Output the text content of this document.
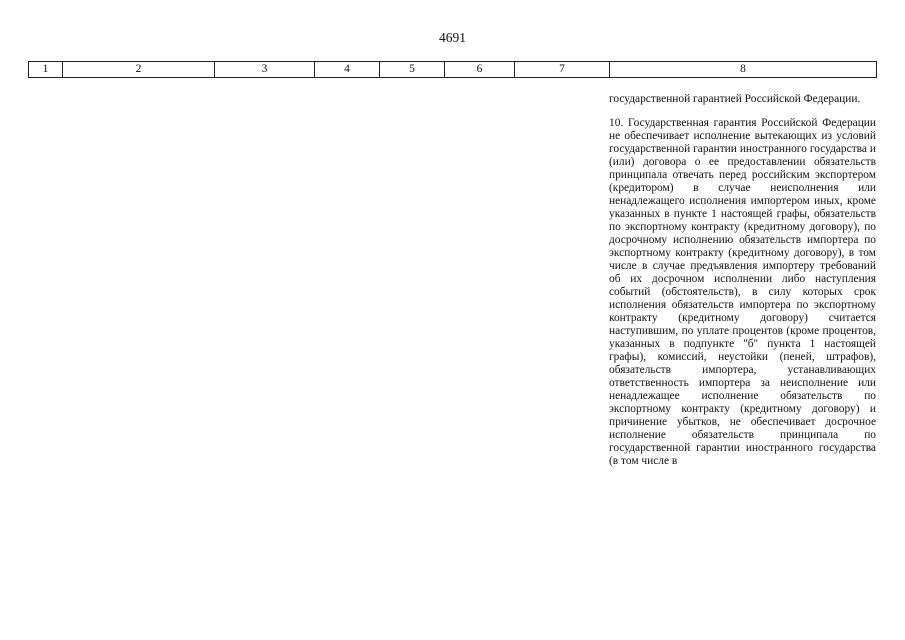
4691
1	2	3	4	5	6	7	8

государственной гарантией Российской Федерации.

10. Государственная гарантия Российской Федерации не обеспечивает исполнение вытекающих из условий государственной гарантии иностранного государства и (или) договора о ее предоставлении обязательств принципала отвечать перед российским экспортером (кредитором) в случае неисполнения или ненадлежащего исполнения импортером иных, кроме указанных в пункте 1 настоящей графы, обязательств по экспортному контракту (кредитному договору), по досрочному исполнению обязательств импортера по экспортному контракту (кредитному договору), в том числе в случае предъявления импортеру требований об их досрочном исполнении либо наступления событий (обстоятельств), в силу которых срок исполнения обязательств импортера по экспортному контракту (кредитному договору) считается наступившим, по уплате процентов (кроме процентов, указанных в подпункте "б" пункта 1 настоящей графы), комиссий, неустойки (пеней, штрафов), обязательств импортера, устанавливающих ответственность импортера за неисполнение или ненадлежащее исполнение обязательств по экспортному контракту (кредитному договору) и причинение убытков, не обеспечивает досрочное исполнение обязательств принципала по государственной гарантии иностранного государства (в том числе в
